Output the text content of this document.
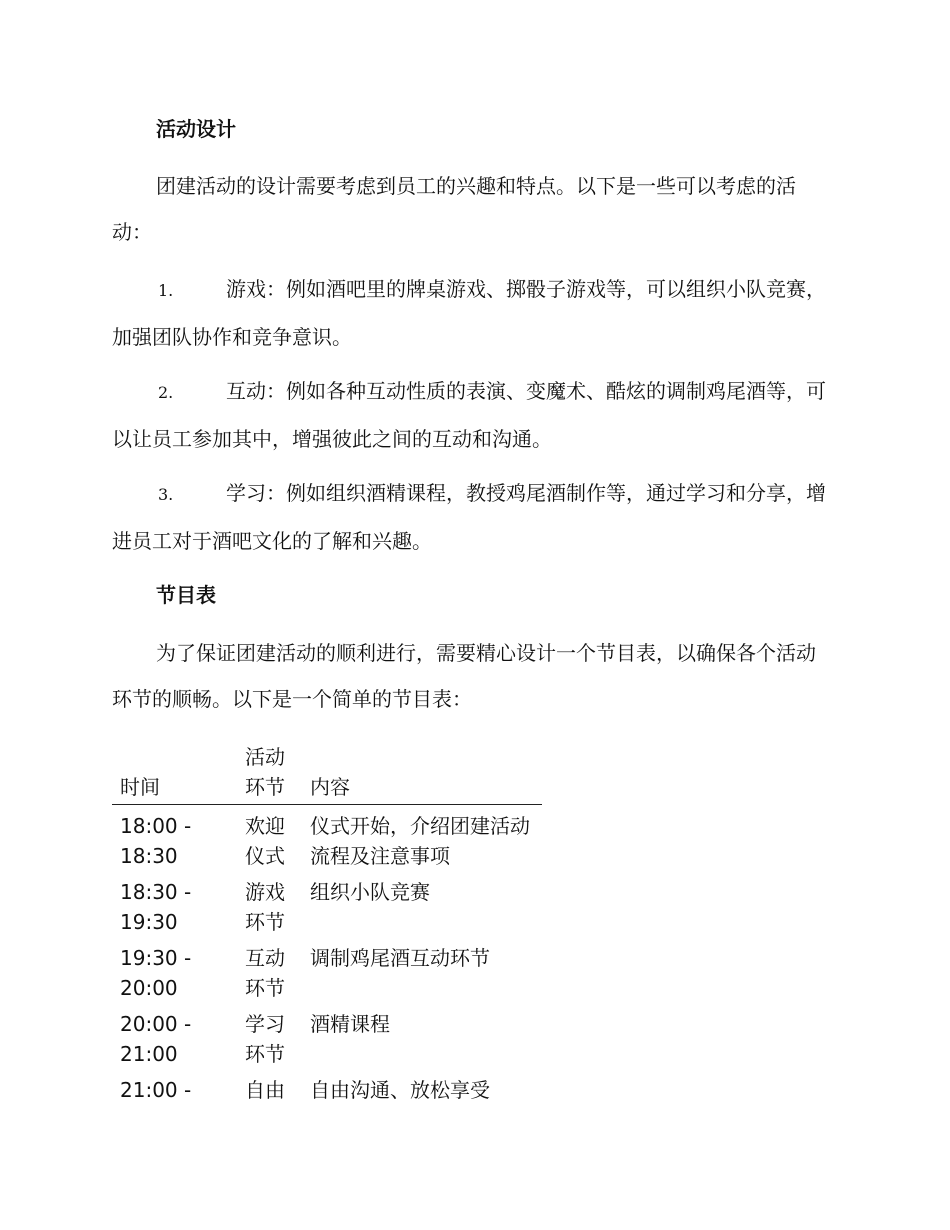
活动设计

团建活动的设计需要考虑到员工的兴趣和特点。以下是一些可以考虑的活动：

1.	游戏：例如酒吧里的牌桌游戏、掷骰子游戏等，可以组织小队竞赛，加强团队协作和竞争意识。

2.	互动：例如各种互动性质的表演、变魔术、酷炫的调制鸡尾酒等，可以让员工参加其中，增强彼此之间的互动和沟通。

3.	学习：例如组织酒精课程，教授鸡尾酒制作等，通过学习和分享，增进员工对于酒吧文化的了解和兴趣。

节目表

为了保证团建活动的顺利进行，需要精心设计一个节目表，以确保各个活动环节的顺畅。以下是一个简单的节目表：

时间	活动环节	内容
18:00 - 18:30	欢迎仪式	仪式开始，介绍团建活动流程及注意事项
18:30 - 19:30	游戏环节	组织小队竞赛
19:30 - 20:00	互动环节	调制鸡尾酒互动环节
20:00 - 21:00	学习环节	酒精课程
21:00 -	自由	自由沟通、放松享受
